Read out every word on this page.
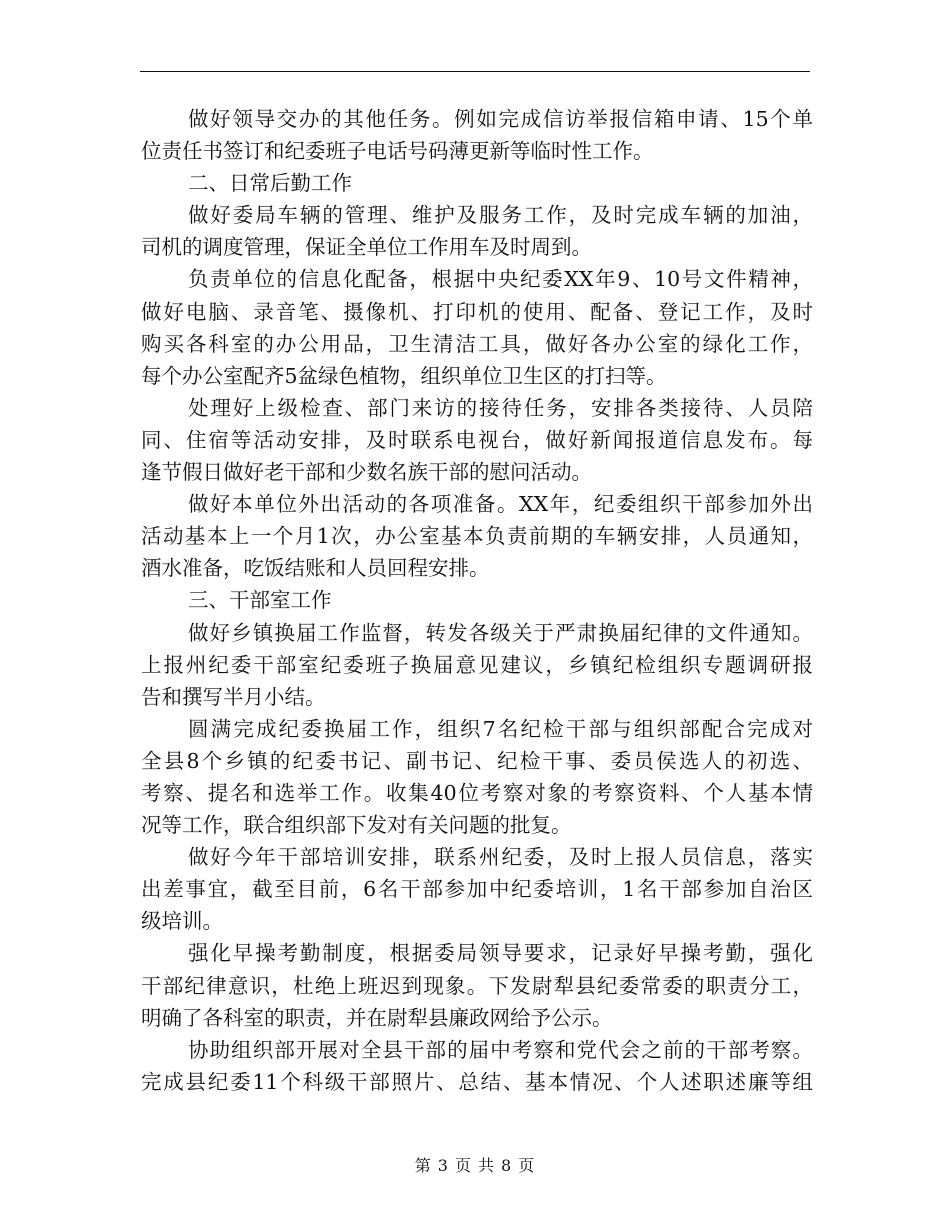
做好领导交办的其他任务。例如完成信访举报信箱申请、15个单
位责任书签订和纪委班子电话号码薄更新等临时性工作。
二、日常后勤工作
做好委局车辆的管理、维护及服务工作，及时完成车辆的加油，
司机的调度管理，保证全单位工作用车及时周到。
负责单位的信息化配备，根据中央纪委XX年9、10号文件精神，
做好电脑、录音笔、摄像机、打印机的使用、配备、登记工作，及时
购买各科室的办公用品，卫生清洁工具，做好各办公室的绿化工作，
每个办公室配齐5盆绿色植物，组织单位卫生区的打扫等。
处理好上级检查、部门来访的接待任务，安排各类接待、人员陪
同、住宿等活动安排，及时联系电视台，做好新闻报道信息发布。每
逢节假日做好老干部和少数名族干部的慰问活动。
做好本单位外出活动的各项准备。XX年，纪委组织干部参加外出
活动基本上一个月1次，办公室基本负责前期的车辆安排，人员通知，
酒水准备，吃饭结账和人员回程安排。
三、干部室工作
做好乡镇换届工作监督，转发各级关于严肃换届纪律的文件通知。
上报州纪委干部室纪委班子换届意见建议，乡镇纪检组织专题调研报
告和撰写半月小结。
圆满完成纪委换届工作，组织7名纪检干部与组织部配合完成对
全县8个乡镇的纪委书记、副书记、纪检干事、委员侯选人的初选、
考察、提名和选举工作。收集40位考察对象的考察资料、个人基本情
况等工作，联合组织部下发对有关问题的批复。
做好今年干部培训安排，联系州纪委，及时上报人员信息，落实
出差事宜，截至目前，6名干部参加中纪委培训，1名干部参加自治区
级培训。
强化早操考勤制度，根据委局领导要求，记录好早操考勤，强化
干部纪律意识，杜绝上班迟到现象。下发尉犁县纪委常委的职责分工，
明确了各科室的职责，并在尉犁县廉政网给予公示。
协助组织部开展对全县干部的届中考察和党代会之前的干部考察。
完成县纪委11个科级干部照片、总结、基本情况、个人述职述廉等组
第 3 页 共 8 页
